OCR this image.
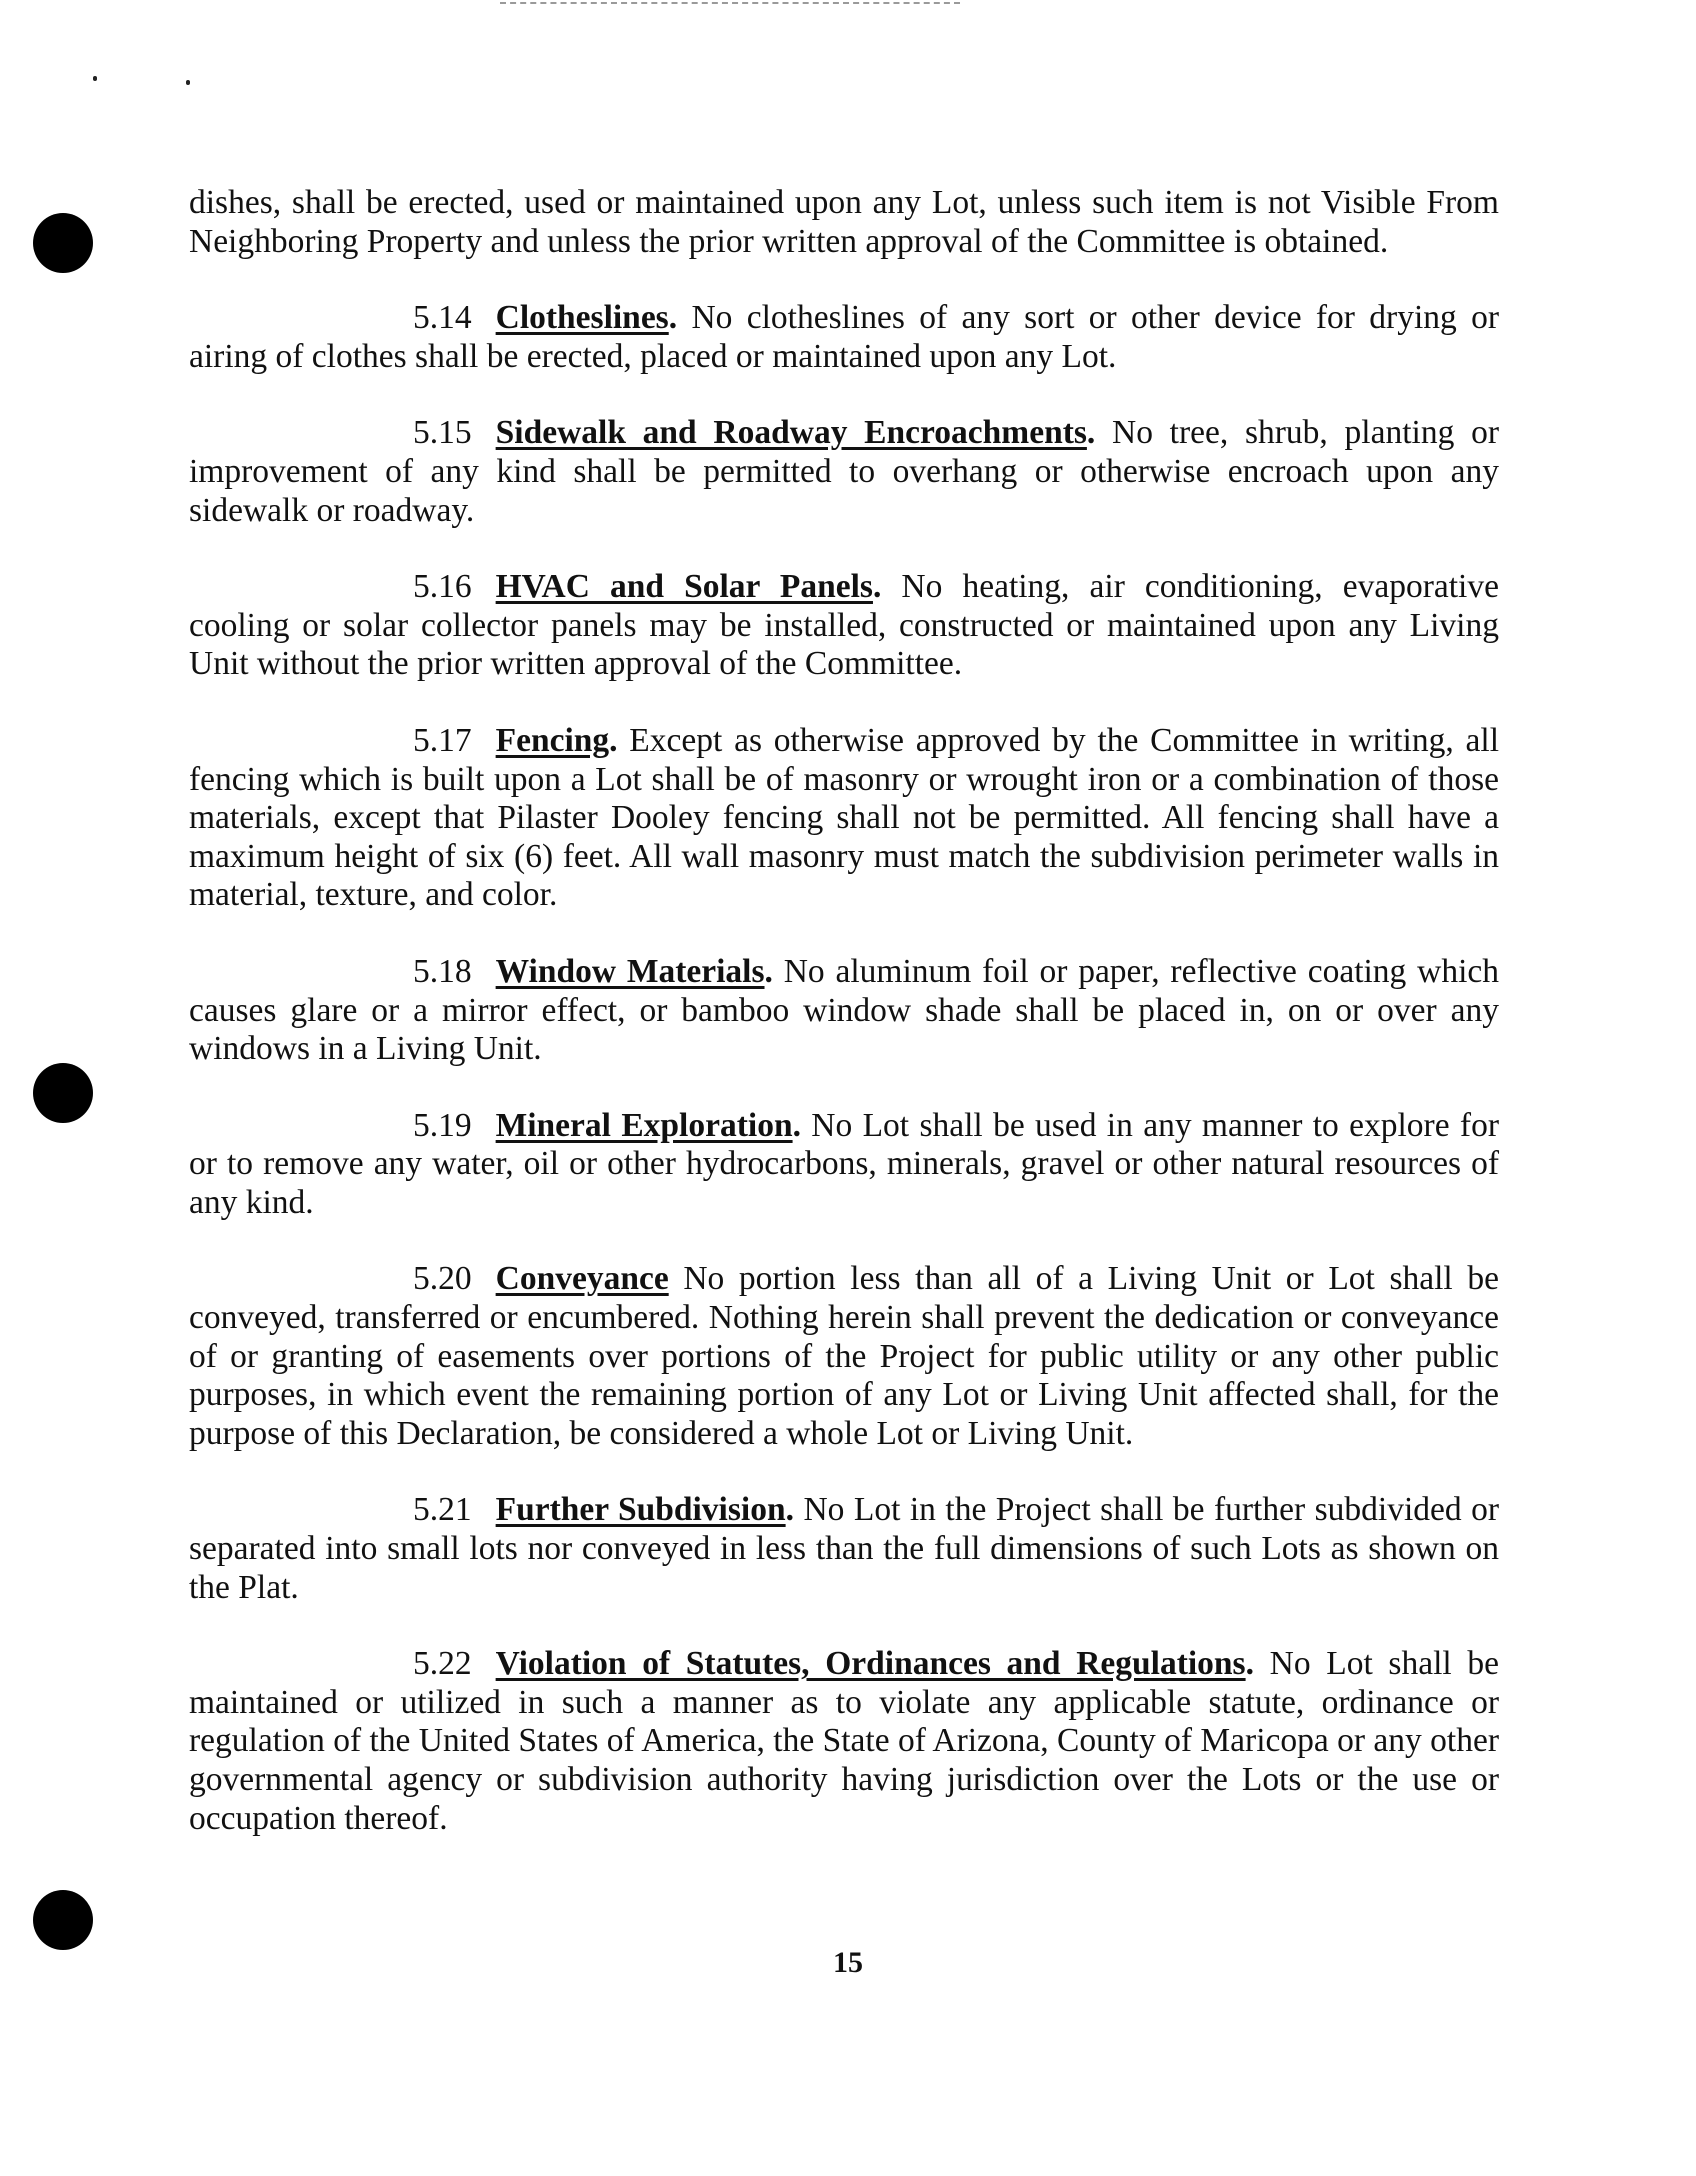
dishes, shall be erected, used or maintained upon any Lot, unless such item is not Visible From Neighboring Property and unless the prior written approval of the Committee is obtained.

5.14 Clotheslines. No clotheslines of any sort or other device for drying or airing of clothes shall be erected, placed or maintained upon any Lot.

5.15 Sidewalk and Roadway Encroachments. No tree, shrub, planting or improvement of any kind shall be permitted to overhang or otherwise encroach upon any sidewalk or roadway.

5.16 HVAC and Solar Panels. No heating, air conditioning, evaporative cooling or solar collector panels may be installed, constructed or maintained upon any Living Unit without the prior written approval of the Committee.

5.17 Fencing. Except as otherwise approved by the Committee in writing, all fencing which is built upon a Lot shall be of masonry or wrought iron or a combination of those materials, except that Pilaster Dooley fencing shall not be permitted. All fencing shall have a maximum height of six (6) feet. All wall masonry must match the subdivision perimeter walls in material, texture, and color.

5.18 Window Materials. No aluminum foil or paper, reflective coating which causes glare or a mirror effect, or bamboo window shade shall be placed in, on or over any windows in a Living Unit.

5.19 Mineral Exploration. No Lot shall be used in any manner to explore for or to remove any water, oil or other hydrocarbons, minerals, gravel or other natural resources of any kind.

5.20 Conveyance No portion less than all of a Living Unit or Lot shall be conveyed, transferred or encumbered. Nothing herein shall prevent the dedication or conveyance of or granting of easements over portions of the Project for public utility or any other public purposes, in which event the remaining portion of any Lot or Living Unit affected shall, for the purpose of this Declaration, be considered a whole Lot or Living Unit.

5.21 Further Subdivision. No Lot in the Project shall be further subdivided or separated into small lots nor conveyed in less than the full dimensions of such Lots as shown on the Plat.

5.22 Violation of Statutes, Ordinances and Regulations. No Lot shall be maintained or utilized in such a manner as to violate any applicable statute, ordinance or regulation of the United States of America, the State of Arizona, County of Maricopa or any other governmental agency or subdivision authority having jurisdiction over the Lots or the use or occupation thereof.

15
